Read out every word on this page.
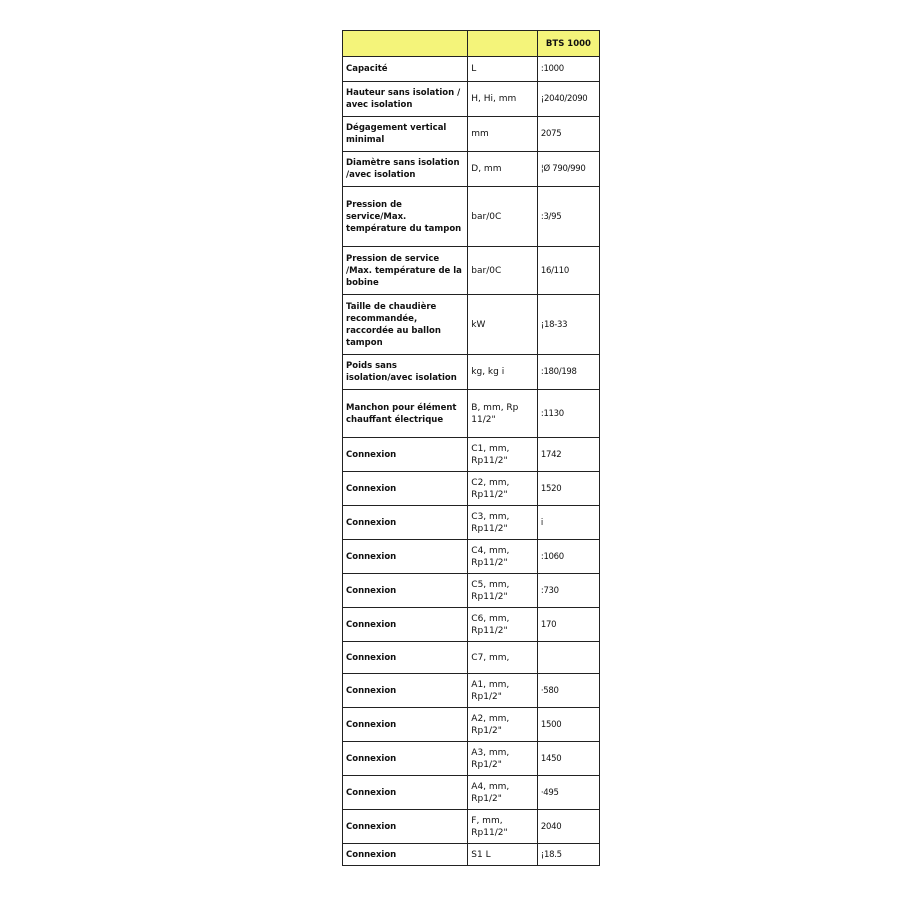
		BTS 1000
Capacité	L	:1000
Hauteur sans isolation / avec isolation	H, Hi, mm	¡2040/2090
Dégagement vertical minimal	mm	2075
Diamètre sans isolation /avec isolation	D, mm	¦Ø 790/990
Pression de service/Max. température du tampon	bar/0C	:3/95
Pression de service /Max. température de la bobine	bar/0C	16/110
Taille de chaudière recommandée, raccordée au ballon tampon	kW	¡18-33
Poids sans isolation/avec isolation	kg, kg i	:180/198
Manchon pour élément chauffant électrique	B, mm, Rp 11/2"	:1130
Connexion	C1, mm, Rp11/2"	1742
Connexion	C2, mm, Rp11/2"	1520
Connexion	C3, mm, Rp11/2"	i
Connexion	C4, mm, Rp11/2"	:1060
Connexion	C5, mm, Rp11/2"	:730
Connexion	C6, mm, Rp11/2"	170
Connexion	C7, mm,	
Connexion	A1, mm, Rp1/2"	·580
Connexion	A2, mm, Rp1/2"	1500
Connexion	A3, mm, Rp1/2"	1450
Connexion	A4, mm, Rp1/2"	·495
Connexion	F, mm, Rp11/2"	2040
Connexion	S1 L	¡18.5
